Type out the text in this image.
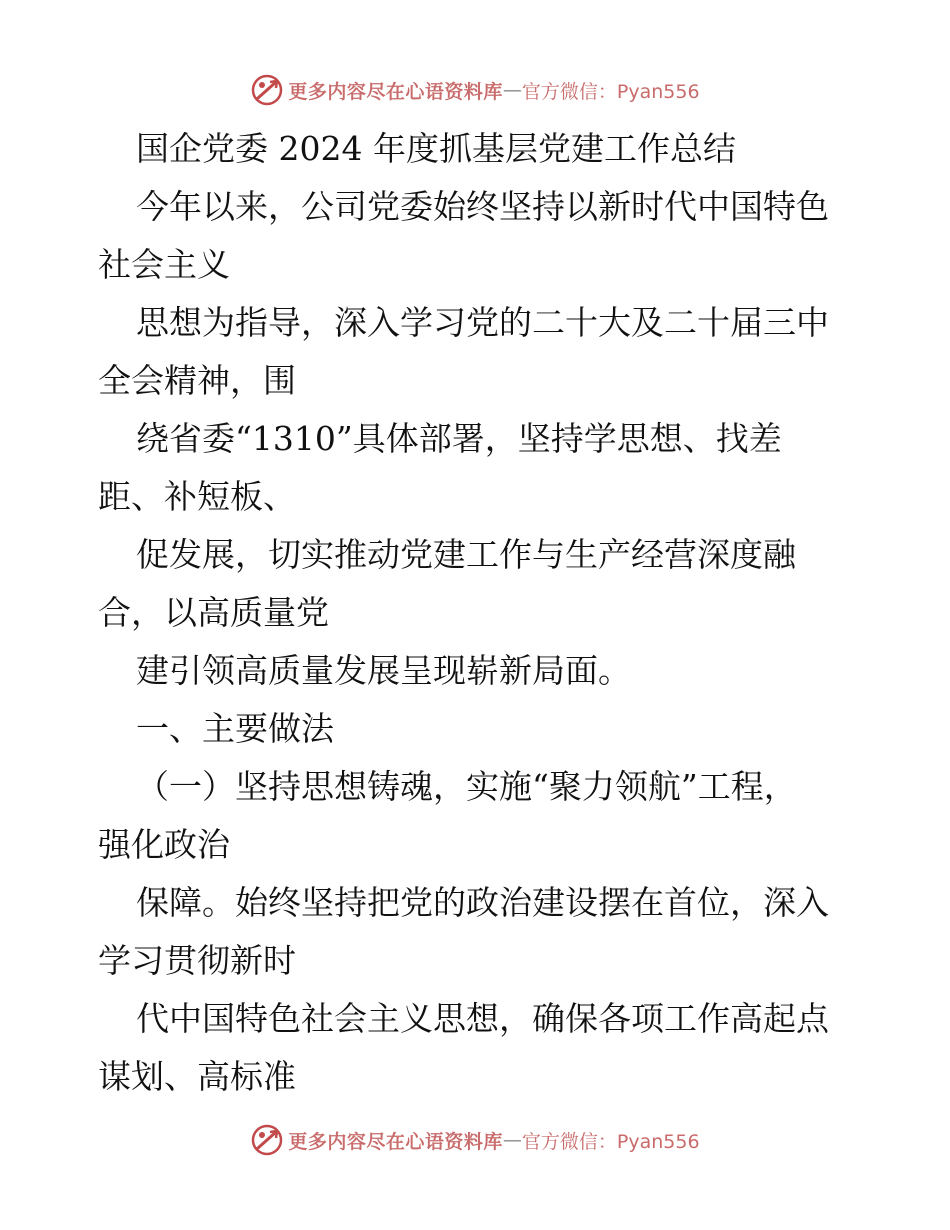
更多内容尽在心语资料库 — 官方微信：Pyan556
国企党委 2024 年度抓基层党建工作总结
今年以来，公司党委始终坚持以新时代中国特色
社会主义
思想为指导，深入学习党的二十大及二十届三中
全会精神，围
绕省委“1310”具体部署，坚持学思想、找差
距、补短板、
促发展，切实推动党建工作与生产经营深度融
合，以高质量党
建引领高质量发展呈现崭新局面。
一、主要做法
（一）坚持思想铸魂，实施“聚力领航”工程，
强化政治
保障。始终坚持把党的政治建设摆在首位，深入
学习贯彻新时
代中国特色社会主义思想，确保各项工作高起点
谋划、高标准
更多内容尽在心语资料库 — 官方微信：Pyan556
